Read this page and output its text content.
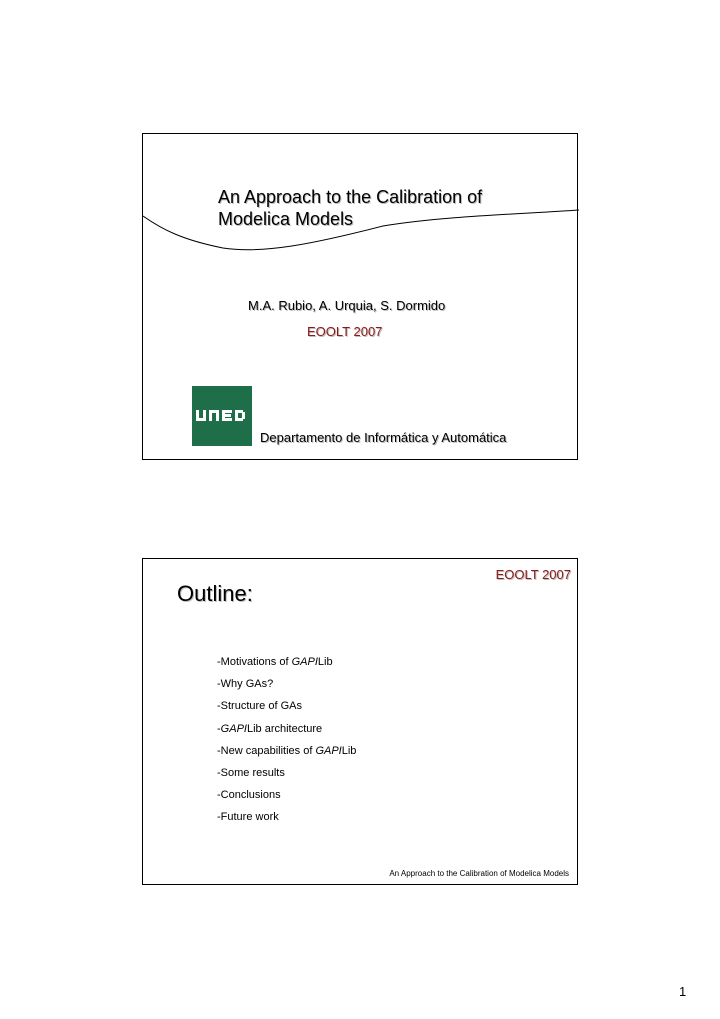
An Approach to the Calibration of
Modelica Models
M.A. Rubio, A. Urquia, S. Dormido
EOOLT 2007
Departamento de Informática y Automática
EOOLT 2007
Outline:
-Motivations of GAPILib
-Why GAs?
-Structure of GAs
-GAPILib architecture
-New capabilities of GAPILib
-Some results
-Conclusions
-Future work
An Approach to the Calibration of Modelica Models
1
